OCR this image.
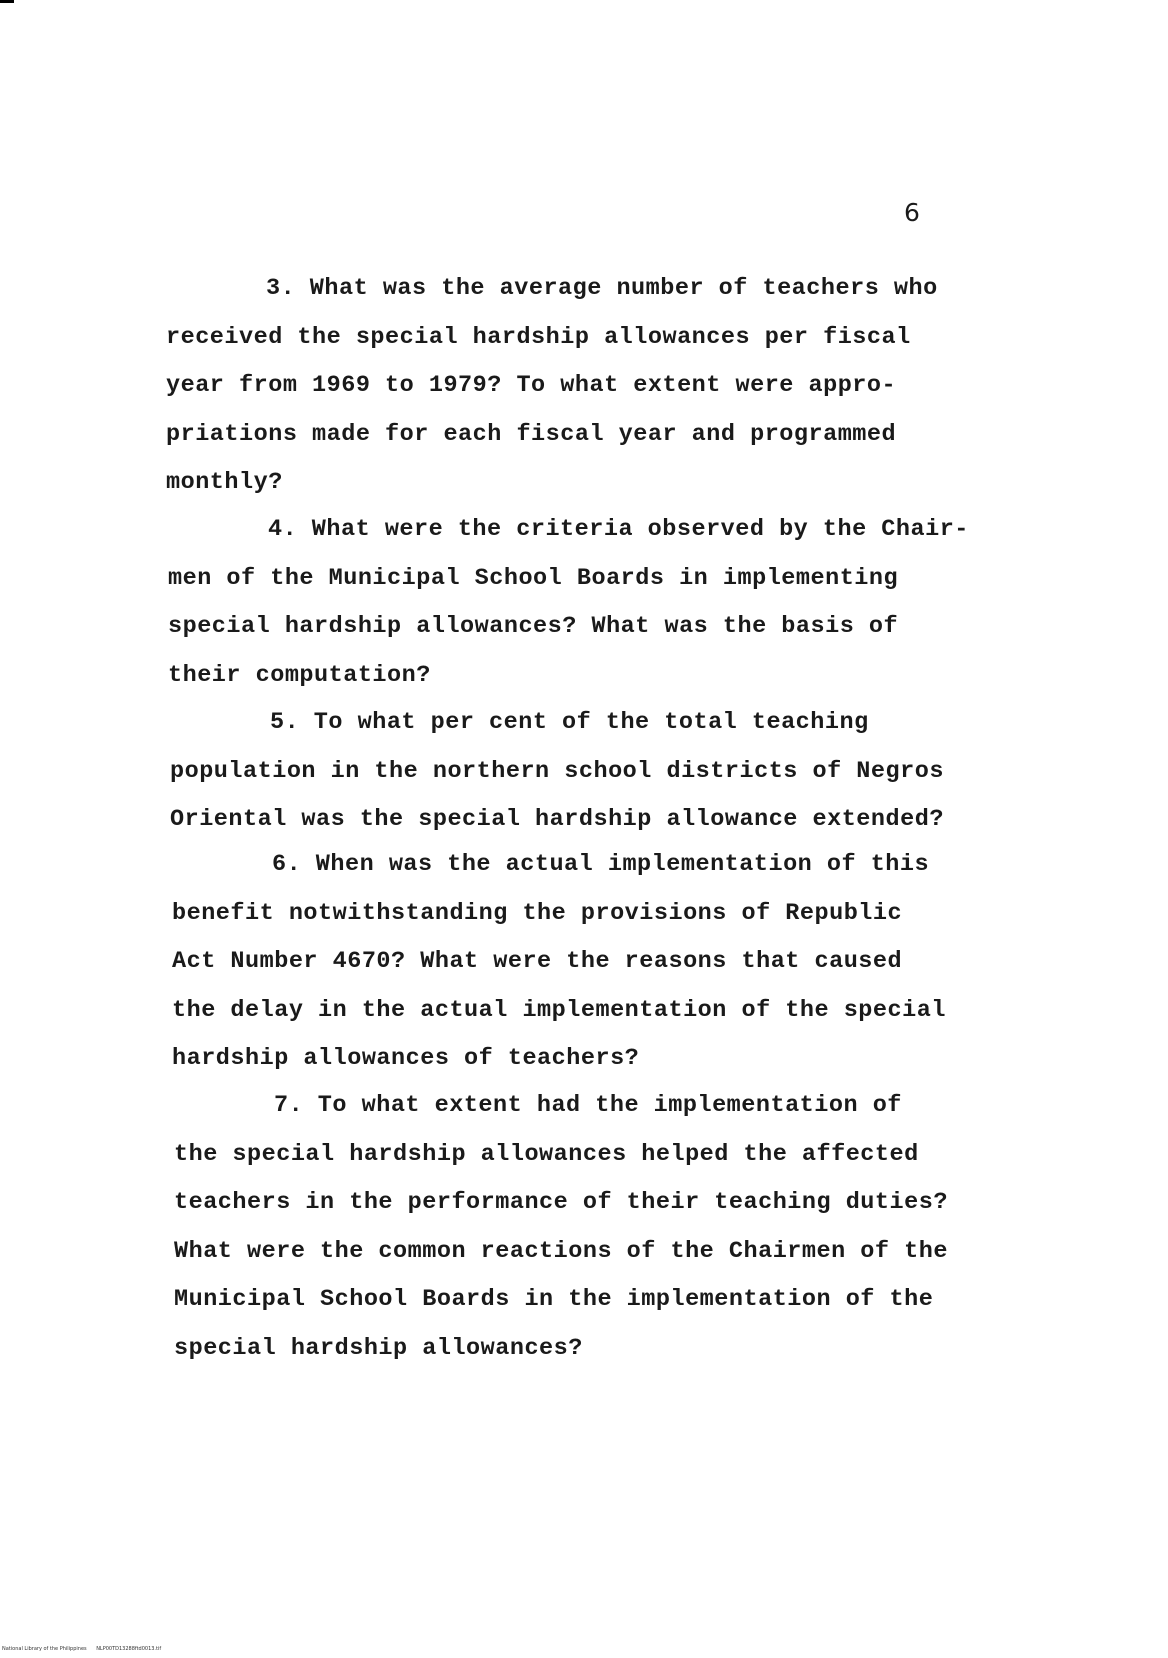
6
3. What was the average number of teachers who
received the special hardship allowances per fiscal
year from 1969 to 1979? To what extent were appro-
priations made for each fiscal year and programmed
monthly?
4. What were the criteria observed by the Chair-
men of the Municipal School Boards in implementing
special hardship allowances? What was the basis of
their computation?
5. To what per cent of the total teaching
population in the northern school districts of Negros
Oriental was the special hardship allowance extended?
6. When was the actual implementation of this
benefit notwithstanding the provisions of Republic
Act Number 4670? What were the reasons that caused
the delay in the actual implementation of the special
hardship allowances of teachers?
7. To what extent had the implementation of
the special hardship allowances helped the affected
teachers in the performance of their teaching duties?
What were the common reactions of the Chairmen of the
Municipal School Boards in the implementation of the
special hardship allowances?
National Library of the Philippines NLP00TD13288ftd0013.tif
